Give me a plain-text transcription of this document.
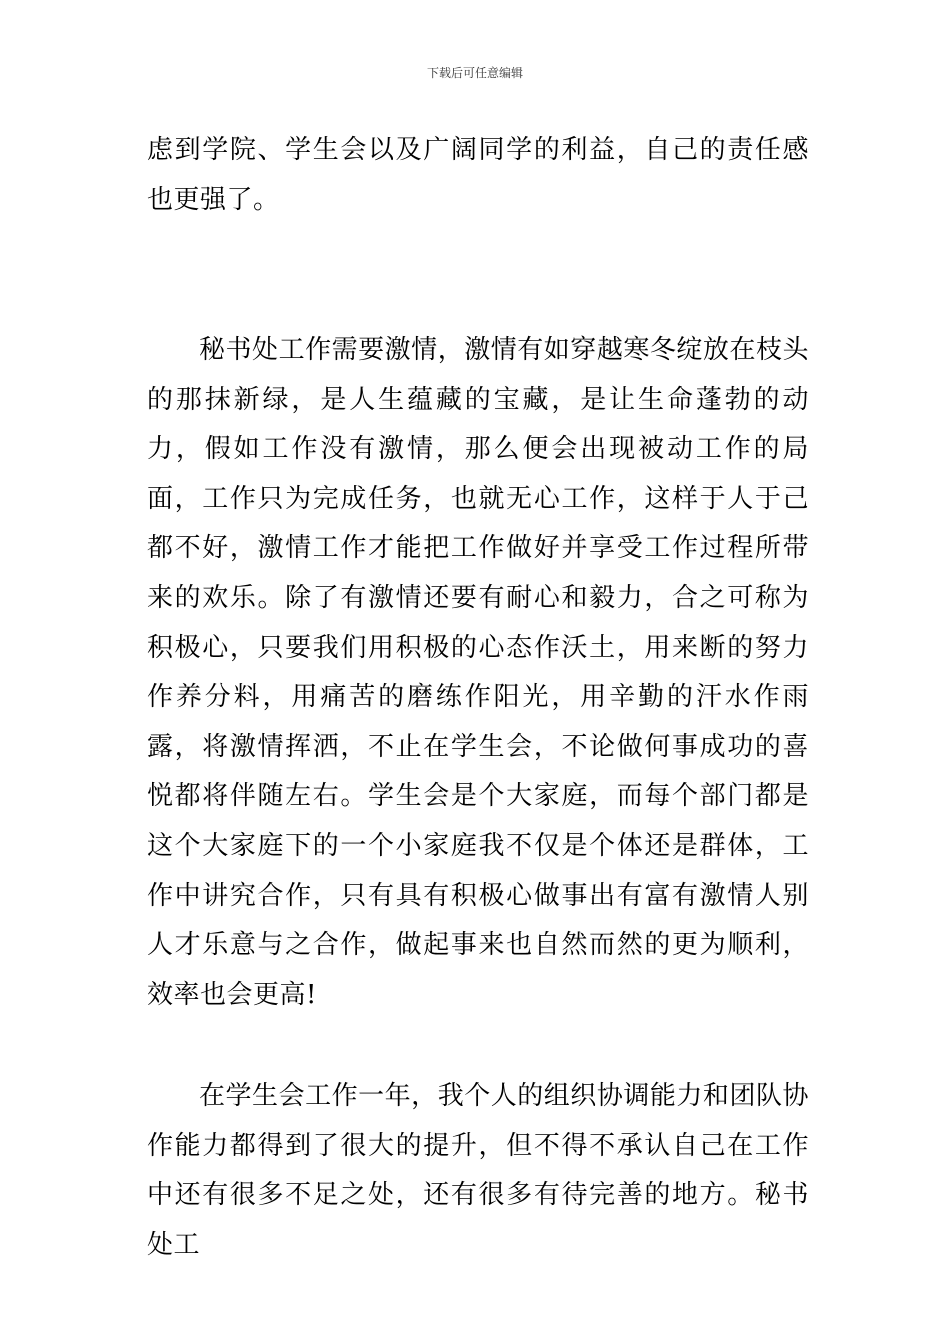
下载后可任意编辑

虑到学院、学生会以及广阔同学的利益，自己的责任感也更强了。

秘书处工作需要激情，激情有如穿越寒冬绽放在枝头的那抹新绿，是人生蕴藏的宝藏，是让生命蓬勃的动力，假如工作没有激情，那么便会出现被动工作的局面，工作只为完成任务，也就无心工作，这样于人于己都不好，激情工作才能把工作做好并享受工作过程所带来的欢乐。除了有激情还要有耐心和毅力，合之可称为积极心，只要我们用积极的心态作沃土，用来断的努力作养分料，用痛苦的磨练作阳光，用辛勤的汗水作雨露，将激情挥洒，不止在学生会，不论做何事成功的喜悦都将伴随左右。学生会是个大家庭，而每个部门都是这个大家庭下的一个小家庭我不仅是个体还是群体，工作中讲究合作，只有具有积极心做事出有富有激情人别人才乐意与之合作，做起事来也自然而然的更为顺利，效率也会更高!

在学生会工作一年，我个人的组织协调能力和团队协作能力都得到了很大的提升，但不得不承认自己在工作中还有很多不足之处，还有很多有待完善的地方。秘书处工
